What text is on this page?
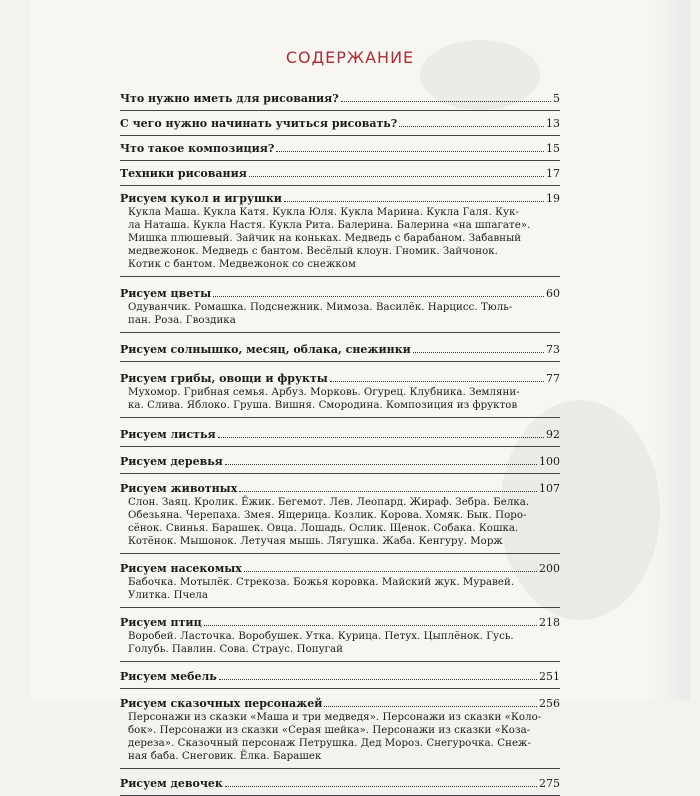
СОДЕРЖАНИЕ
Что нужно иметь для рисования?	5
С чего нужно начинать учиться рисовать?	13
Что такое композиция?	15
Техники рисования	17
Рисуем кукол и игрушки	19
Кукла Маша. Кукла Катя. Кукла Юля. Кукла Марина. Кукла Галя. Кук-
ла Наташа. Кукла Настя. Кукла Рита. Балерина. Балерина «на шпагате».
Мишка плюшевый. Зайчик на коньках. Медведь с барабаном. Забавный
медвежонок. Медведь с бантом. Весёлый клоун. Гномик. Зайчонок.
Котик с бантом. Медвежонок со снежком
Рисуем цветы	60
Одуванчик. Ромашка. Подснежник. Мимоза. Василёк. Нарцисс. Тюль-
пан. Роза. Гвоздика
Рисуем солнышко, месяц, облака, снежинки	73
Рисуем грибы, овощи и фрукты	77
Мухомор. Грибная семья. Арбуз. Морковь. Огурец. Клубника. Земляни-
ка. Слива. Яблоко. Груша. Вишня. Смородина. Композиция из фруктов
Рисуем листья	92
Рисуем деревья	100
Рисуем животных	107
Слон. Заяц. Кролик. Ёжик. Бегемот. Лев. Леопард. Жираф. Зебра. Белка.
Обезьяна. Черепаха. Змея. Ящерица. Козлик. Корова. Хомяк. Бык. Поро-
сёнок. Свинья. Барашек. Овца. Лошадь. Ослик. Щенок. Собака. Кошка.
Котёнок. Мышонок. Летучая мышь. Лягушка. Жаба. Кенгуру. Морж
Рисуем насекомых	200
Бабочка. Мотылёк. Стрекоза. Божья коровка. Майский жук. Муравей.
Улитка. Пчела
Рисуем птиц	218
Воробей. Ласточка. Воробушек. Утка. Курица. Петух. Цыплёнок. Гусь.
Голубь. Павлин. Сова. Страус. Попугай
Рисуем мебель	251
Рисуем сказочных персонажей	256
Персонажи из сказки «Маша и три медведя». Персонажи из сказки «Коло-
бок». Персонажи из сказки «Серая шейка». Персонажи из сказки «Коза-
дереза». Сказочный персонаж Петрушка. Дед Мороз. Снегурочка. Снеж-
ная баба. Снеговик. Ёлка. Барашек
Рисуем девочек	275
